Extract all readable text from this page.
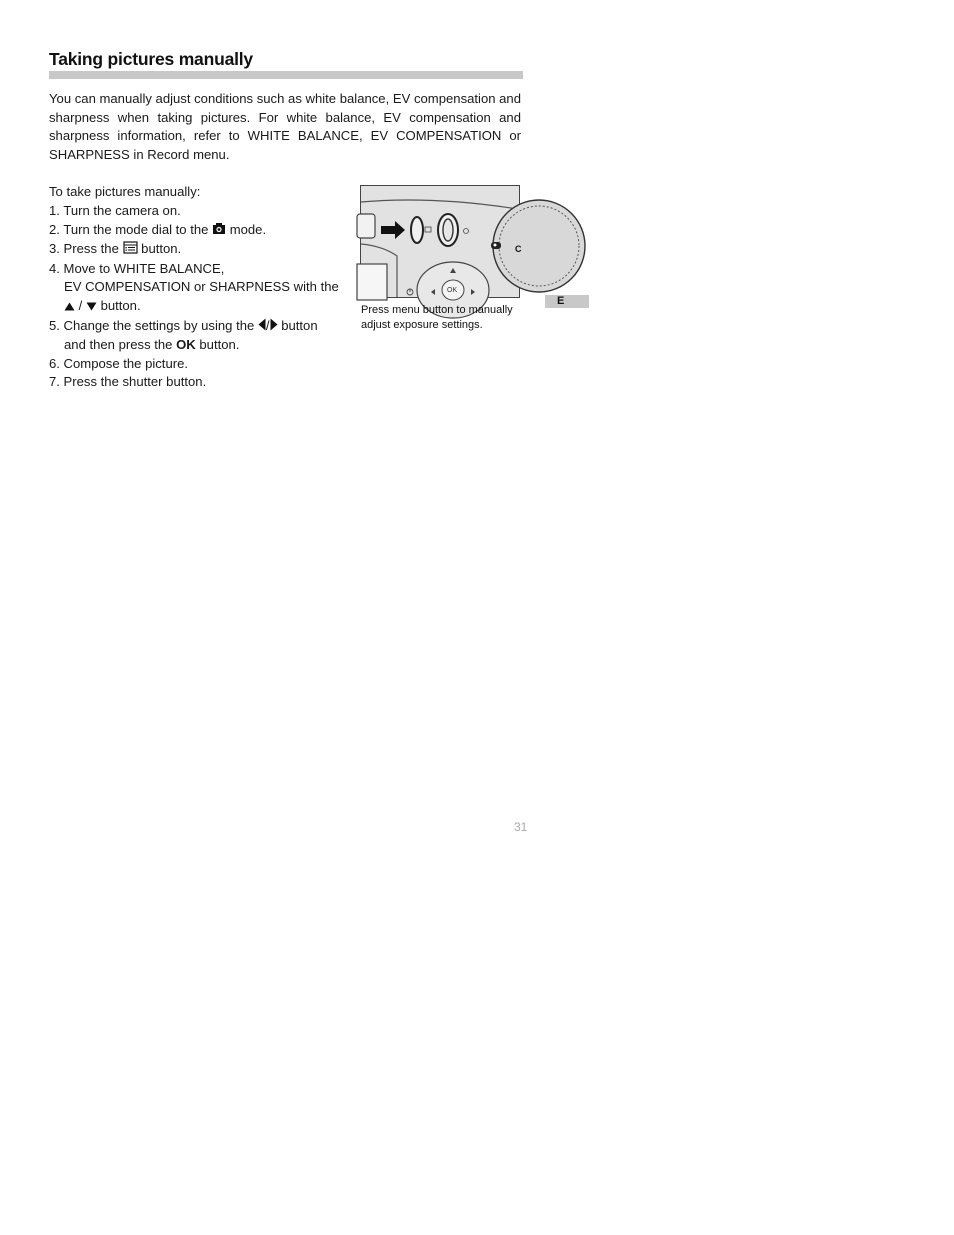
Taking pictures manually

You can manually adjust conditions such as white balance, EV compensation and sharpness when taking pictures. For white balance, EV compensation and sharpness information, refer to WHITE BALANCE, EV COMPENSATION or SHARPNESS in Record menu.

To take pictures manually:

1. Turn the camera on.
2. Turn the mode dial to the mode.
3. Press the button.
4. Move to WHITE BALANCE,
EV COMPENSATION or SHARPNESS with the
/ button.
5. Change the settings by using the / button
and then press the OK button.
6. Compose the picture.
7. Press the shutter button.
C
OK

Press menu button to manually adjust exposure settings.

E

31
